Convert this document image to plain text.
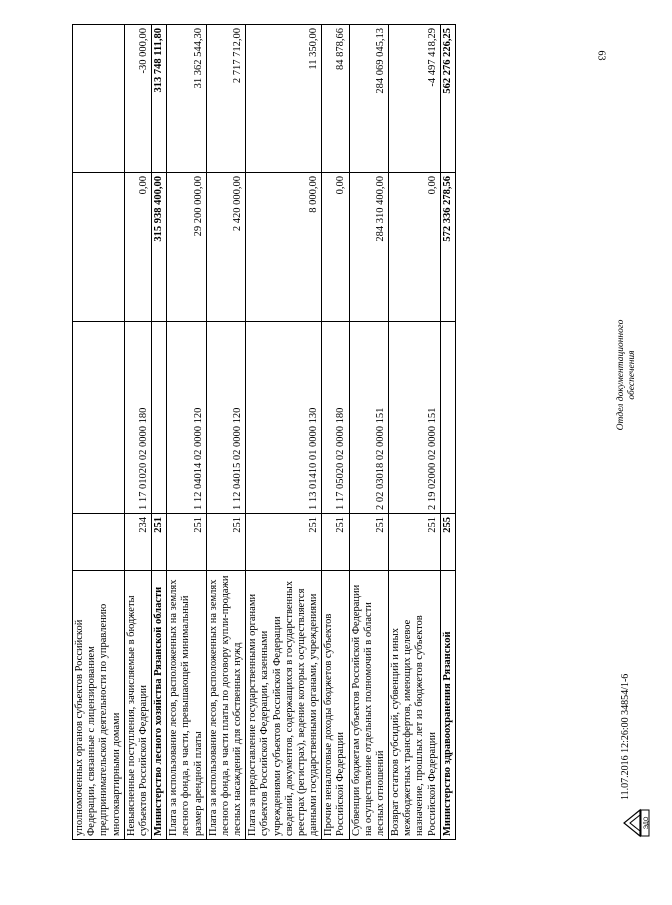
63
уполномоченных органов субъектов Российской Федерации, связанные с лицензированием предпринимательской деятельности по управлению многоквартирными домами				
Невыясненные поступления, зачисляемые в бюджеты субъектов Российской Федерации	234	1 17 01020 02 0000 180	0,00	-30 000,00
Министерство лесного хозяйства Рязанской области	251		315 938 400,00	313 748 111,80
Плата за использование лесов, расположенных на землях лесного фонда, в части, превышающей минимальный размер арендной платы	251	1 12 04014 02 0000 120	29 200 000,00	31 362 544,30
Плата за использование лесов, расположенных на землях лесного фонда, в части платы по договору купли-продажи лесных насаждений для собственных нужд	251	1 12 04015 02 0000 120	2 420 000,00	2 717 712,00
Плата за предоставление государственными органами субъектов Российской Федерации, казенными учреждениями субъектов Российской Федерации сведений, документов, содержащихся в государственных реестрах (регистрах), ведение которых осуществляется данными государственными органами, учреждениями	251	1 13 01410 01 0000 130	8 000,00	11 350,00
Прочие неналоговые доходы бюджетов субъектов Российской Федерации	251	1 17 05020 02 0000 180	0,00	84 878,66
Субвенции бюджетам субъектов Российской Федерации на осуществление отдельных полномочий в области лесных отношений	251	2 02 03018 02 0000 151	284 310 400,00	284 069 045,13
Возврат остатков субсидий, субвенций и иных межбюджетных трансфертов, имеющих целевое назначение, прошлых лет из бюджетов субъектов Российской Федерации	251	2 19 02000 02 0000 151	0,00	-4 497 418,29
Министерство здравоохранения Рязанской	255		572 336 278,56	562 276 226,25
ЭДО
11.07.2016 12:26:00 34854/1-6
Отдел документационного обеспечения
